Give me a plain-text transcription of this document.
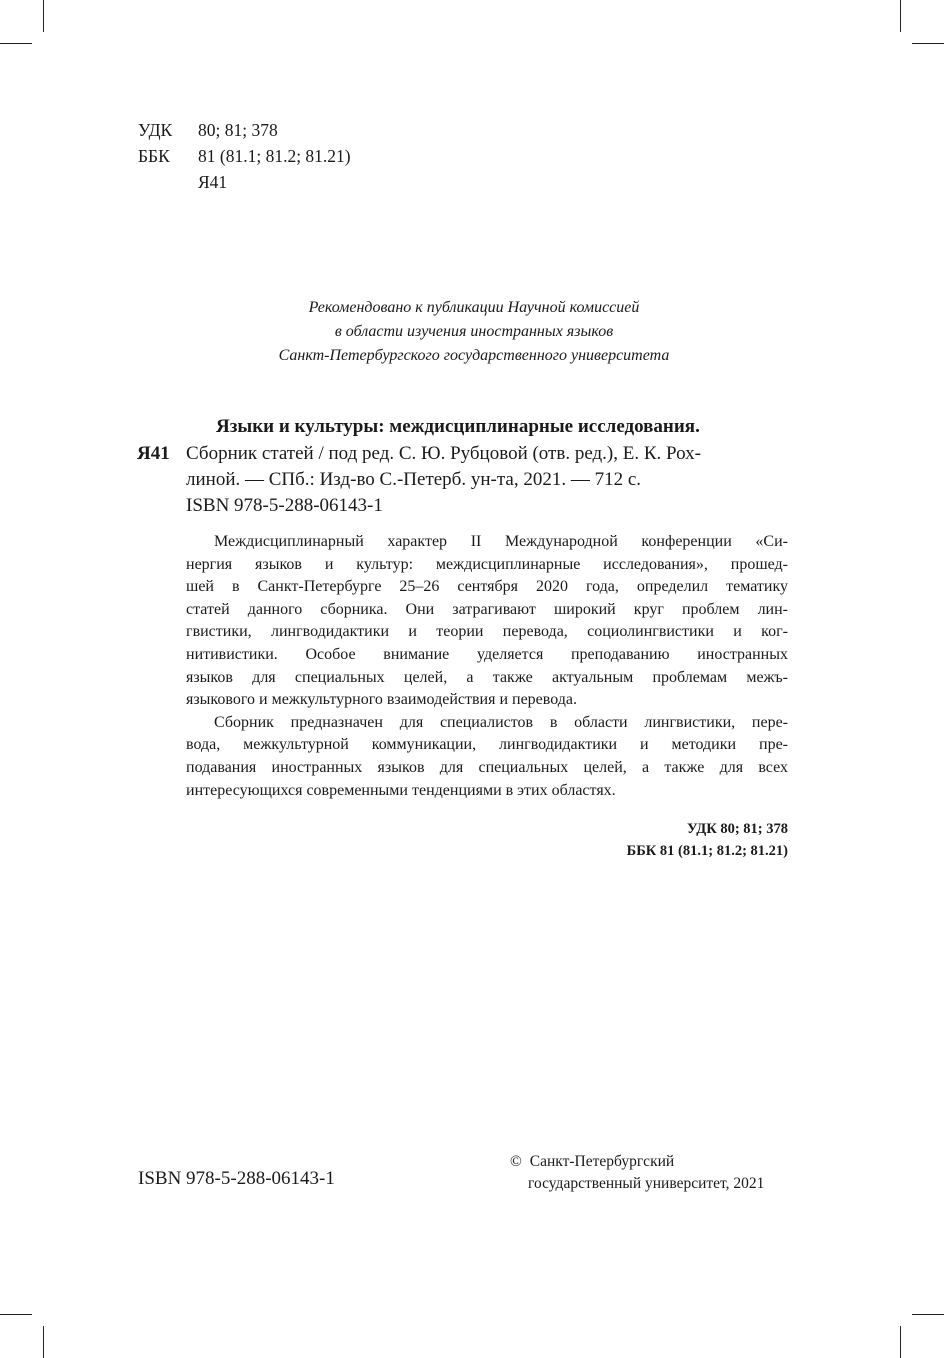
УДК	80; 81; 378
ББК	81 (81.1; 81.2; 81.21)
Я41
Рекомендовано к публикации Научной комиссией
в области изучения иностранных языков
Санкт-Петербургского государственного университета
Языки и культуры: междисциплинарные исследования.
Я41 Сборник статей / под ред. С. Ю. Рубцовой (отв. ред.), Е. К. Рох-
линой. — СПб.: Изд-во С.-Петерб. ун-та, 2021. — 712 с.
ISBN 978-5-288-06143-1
Междисциплинарный характер II Международной конференции «Си-
нергия языков и культур: междисциплинарные исследования», прошед-
шей в Санкт-Петербурге 25–26 сентября 2020 года, определил тематику
статей данного сборника. Они затрагивают широкий круг проблем лин-
гвистики, лингводидактики и теории перевода, социолингвистики и ког-
нитивистики. Особое внимание уделяется преподаванию иностранных
языков для специальных целей, а также актуальным проблемам межъ-
языкового и межкультурного взаимодействия и перевода.
Сборник предназначен для специалистов в области лингвистики, пере-
вода, межкультурной коммуникации, лингводидактики и методики пре-
подавания иностранных языков для специальных целей, а также для всех
интересующихся современными тенденциями в этих областях.
УДК 80; 81; 378
ББК 81 (81.1; 81.2; 81.21)
ISBN 978-5-288-06143-1
© Санкт-Петербургский
государственный университет, 2021
